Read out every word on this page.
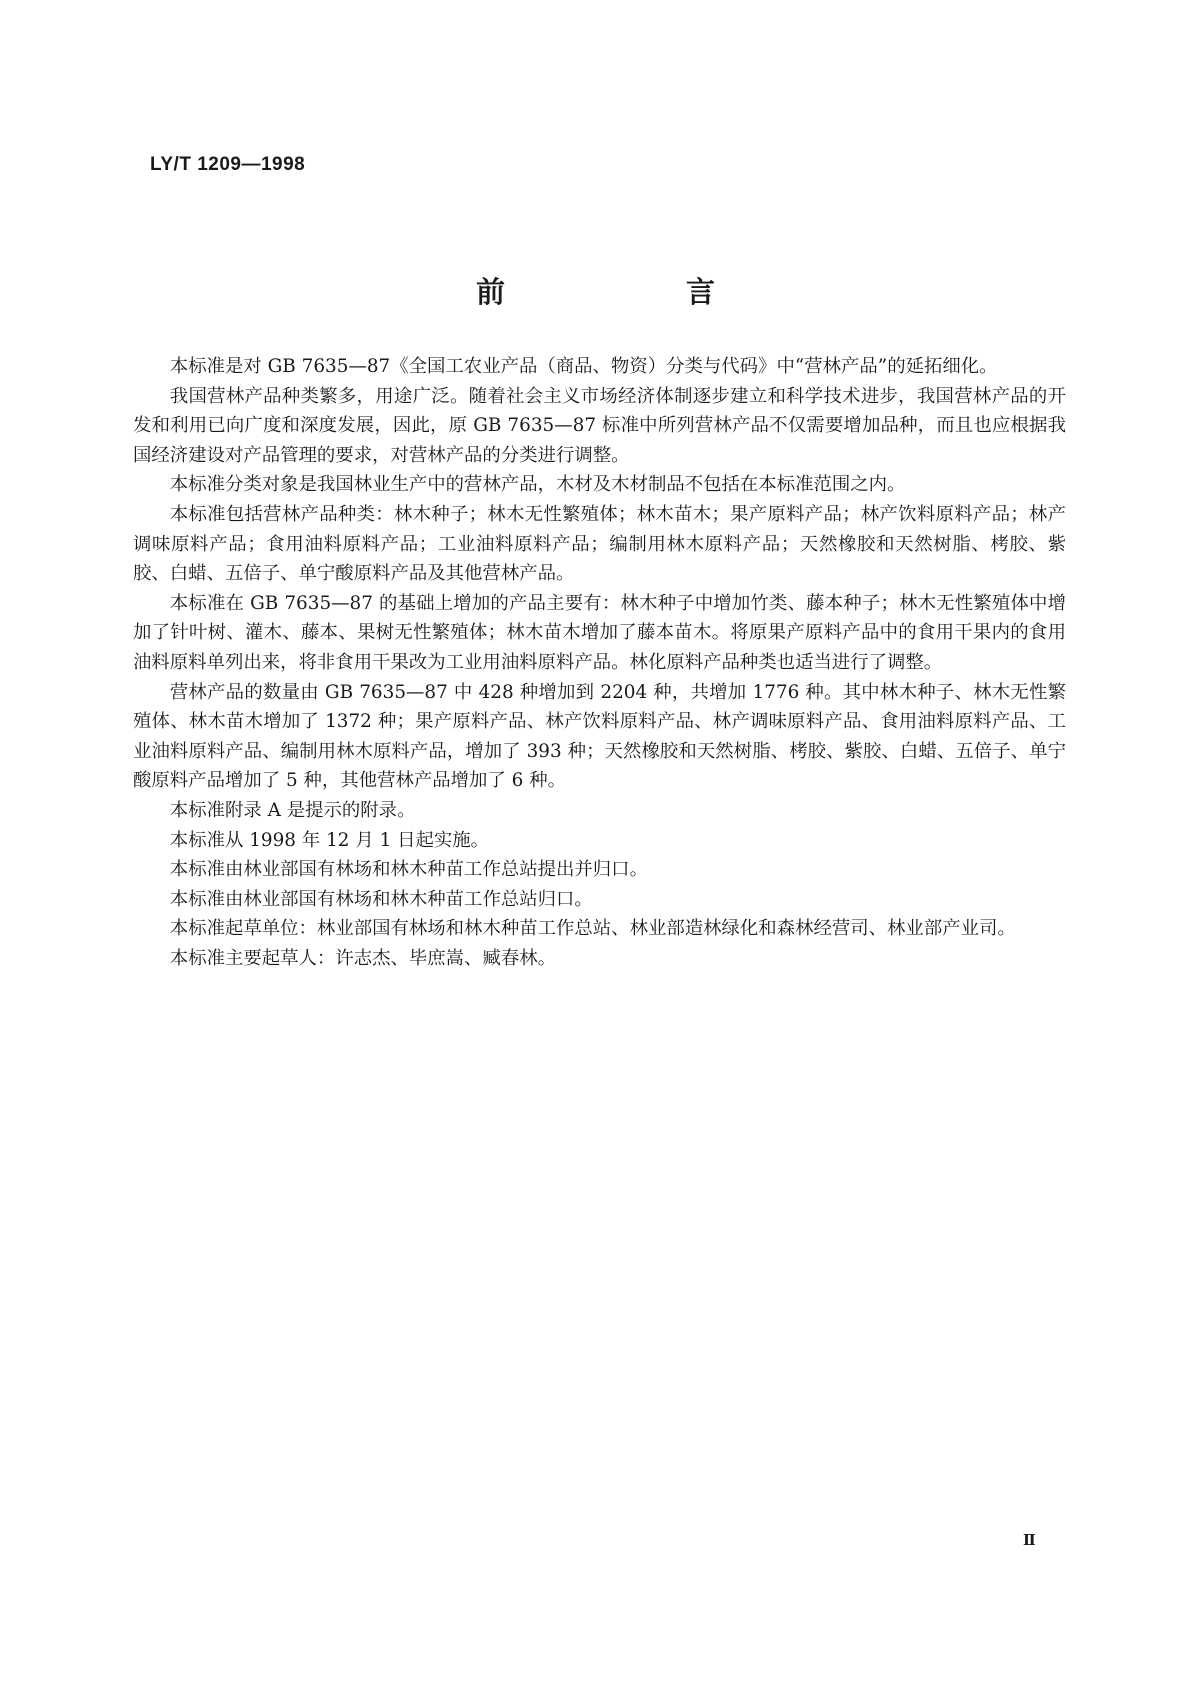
LY/T 1209—1998
前　言

本标准是对 GB 7635—87《全国工农业产品（商品、物资）分类与代码》中“营林产品”的延拓细化。

我国营林产品种类繁多，用途广泛。随着社会主义市场经济体制逐步建立和科学技术进步，我国营林产品的开发和利用已向广度和深度发展，因此，原 GB 7635—87 标准中所列营林产品不仅需要增加品种，而且也应根据我国经济建设对产品管理的要求，对营林产品的分类进行调整。

本标准分类对象是我国林业生产中的营林产品，木材及木材制品不包括在本标准范围之内。

本标准包括营林产品种类：林木种子；林木无性繁殖体；林木苗木；果产原料产品；林产饮料原料产品；林产调味原料产品；食用油料原料产品；工业油料原料产品；编制用林木原料产品；天然橡胶和天然树脂、栲胶、紫胶、白蜡、五倍子、单宁酸原料产品及其他营林产品。

本标准在 GB 7635—87 的基础上增加的产品主要有：林木种子中增加竹类、藤本种子；林木无性繁殖体中增加了针叶树、灌木、藤本、果树无性繁殖体；林木苗木增加了藤本苗木。将原果产原料产品中的食用干果内的食用油料原料单列出来，将非食用干果改为工业用油料原料产品。林化原料产品种类也适当进行了调整。

营林产品的数量由 GB 7635—87 中 428 种增加到 2204 种，共增加 1776 种。其中林木种子、林木无性繁殖体、林木苗木增加了 1372 种；果产原料产品、林产饮料原料产品、林产调味原料产品、食用油料原料产品、工业油料原料产品、编制用林木原料产品，增加了 393 种；天然橡胶和天然树脂、栲胶、紫胶、白蜡、五倍子、单宁酸原料产品增加了 5 种，其他营林产品增加了 6 种。

本标准附录 A 是提示的附录。

本标准从 1998 年 12 月 1 日起实施。

本标准由林业部国有林场和林木种苗工作总站提出并归口。

本标准由林业部国有林场和林木种苗工作总站归口。

本标准起草单位：林业部国有林场和林木种苗工作总站、林业部造林绿化和森林经营司、林业部产业司。

本标准主要起草人：许志杰、毕庶嵩、臧春林。

Ⅱ
